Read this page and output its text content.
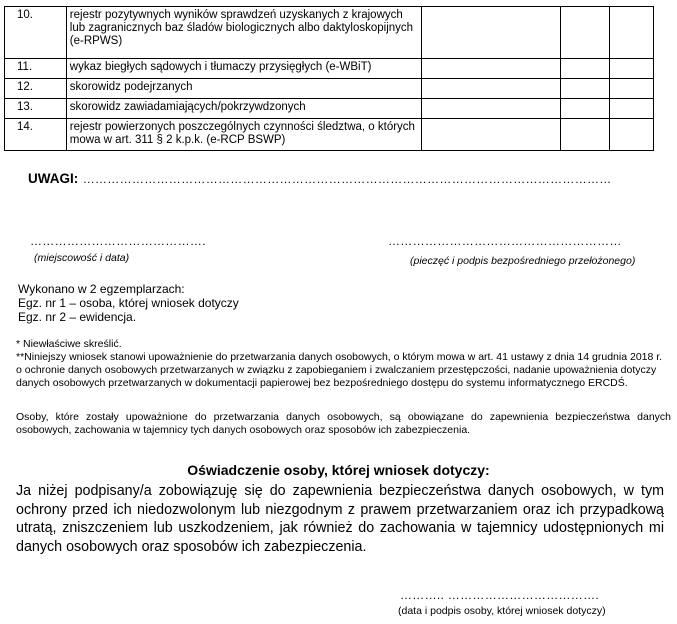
10.	rejestr pozytywnych wyników sprawdzeń uzyskanych z krajowych lub zagranicznych baz śladów biologicznych albo daktyloskopijnych (e-RPWS)			
11.	wykaz biegłych sądowych i tłumaczy przysięgłych (e-WBiT)			
12.	skorowidz podejrzanych			
13.	skorowidz zawiadamiających/pokrzywdzonych			
14.	rejestr powierzonych poszczególnych czynności śledztwa, o których mowa w art. 311 § 2 k.p.k. (e-RCP BSWP)			
UWAGI: …………………………………………………………………………………………………………………
…………………………………….
(miejscowość i data)
…………………………………………………
(pieczęć i podpis bezpośredniego przełożonego)
Wykonano w 2 egzemplarzach:
Egz. nr 1 – osoba, której wniosek dotyczy
Egz. nr 2 – ewidencja.
* Niewłaściwe skreślić.
**Niniejszy wniosek stanowi upoważnienie do przetwarzania danych osobowych, o którym mowa w art. 41 ustawy z dnia 14 grudnia 2018 r.
o ochronie danych osobowych przetwarzanych w związku z zapobieganiem i zwalczaniem przestępczości, nadanie upoważnienia dotyczy
danych osobowych przetwarzanych w dokumentacji papierowej bez bezpośredniego dostępu do systemu informatycznego ERCDŚ.
Osoby, które zostały upoważnione do przetwarzania danych osobowych, są obowiązane do zapewnienia bezpieczeństwa danych
osobowych, zachowania w tajemnicy tych danych osobowych oraz sposobów ich zabezpieczenia.
Oświadczenie osoby, której wniosek dotyczy:
Ja niżej podpisany/a zobowiązuję się do zapewnienia bezpieczeństwa danych osobowych, w tym ochrony przed ich niedozwolonym lub niezgodnym z prawem przetwarzaniem oraz ich przypadkową utratą, zniszczeniem lub uszkodzeniem, jak również do zachowania w tajemnicy udostępnionych mi danych osobowych oraz sposobów ich zabezpieczenia.
……….. ……………………………….
(data i podpis osoby, której wniosek dotyczy)
